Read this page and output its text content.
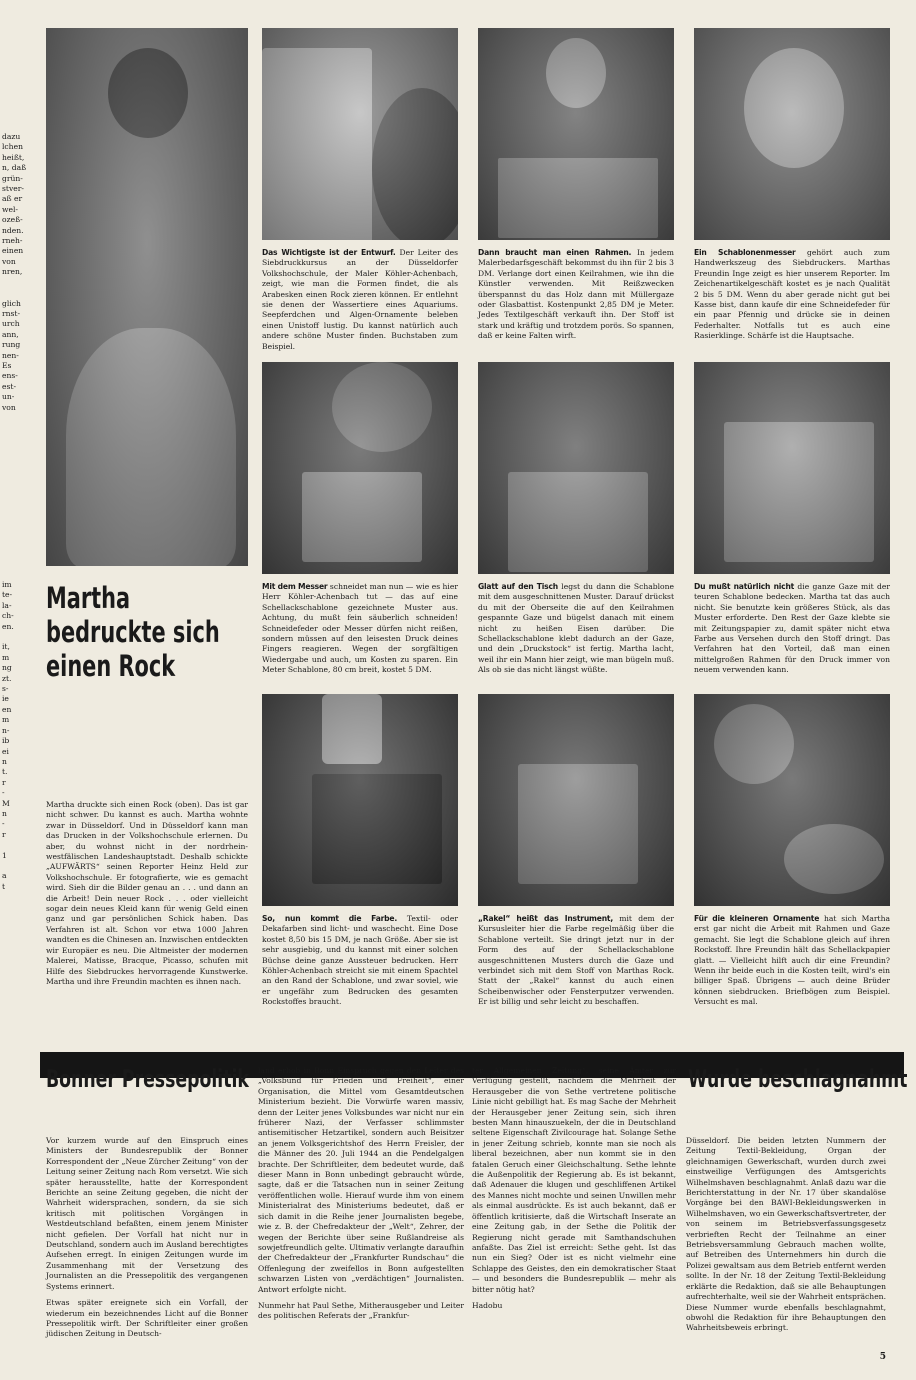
dazu
lchen
heißt,
n, daß
grün-
stver-
aß er
wel-
ozeß-
nden.
rneh-
einen
von
nren,

glich
rnst-
urch
ann,
rung
nen-
Es
ens-
est-
un-
von
im
te-
la-
ch-
en.

it,
m
ng
zt.
s-
ie
en
m
n-
ib
ei
n
t.
r
-
M
n
-
r

1

a
t
Das Wichtigste ist der Entwurf. Der Leiter des Siebdruckkursus an der Düsseldorfer Volkshochschule, der Maler Köhler-Achenbach, zeigt, wie man die Formen findet, die als Arabesken einen Rock zieren können. Er entlehnt sie denen der Wassertiere eines Aquariums. Seepferdchen und Algen-Ornamente beleben einen Unistoff lustig. Du kannst natürlich auch andere schöne Muster finden. Buchstaben zum Beispiel.
Dann braucht man einen Rahmen. In jedem Malerbedarfsgeschäft bekommst du ihn für 2 bis 3 DM. Verlange dort einen Keilrahmen, wie ihn die Künstler verwenden. Mit Reißzwecken überspannst du das Holz dann mit Müllergaze oder Glasbattist. Kostenpunkt 2,85 DM je Meter. Jedes Textilgeschäft verkauft ihn. Der Stoff ist stark und kräftig und trotzdem porös. So spannen, daß er keine Falten wirft.
Ein Schablonenmesser gehört auch zum Handwerkszeug des Siebdruckers. Marthas Freundin Inge zeigt es hier unserem Reporter. Im Zeichenartikelgeschäft kostet es je nach Qualität 2 bis 5 DM. Wenn du aber gerade nicht gut bei Kasse bist, dann kaufe dir eine Schneidefeder für ein paar Pfennig und drücke sie in deinen Federhalter. Notfalls tut es auch eine Rasierklinge. Schärfe ist die Hauptsache.
Martha
bedruckte sich
einen Rock
Mit dem Messer schneidet man nun — wie es hier Herr Köhler-Achenbach tut — das auf eine Schellackschablone gezeichnete Muster aus. Achtung, du mußt fein säuberlich schneiden! Schneidefeder oder Messer dürfen nicht reißen, sondern müssen auf den leisesten Druck deines Fingers reagieren. Wegen der sorgfältigen Wiedergabe und auch, um Kosten zu sparen. Ein Meter Schablone, 80 cm breit, kostet 5 DM.
Glatt auf den Tisch legst du dann die Schablone mit dem ausgeschnittenen Muster. Darauf drückst du mit der Oberseite die auf den Keilrahmen gespannte Gaze und bügelst danach mit einem nicht zu heißen Eisen darüber. Die Schellackschablone klebt dadurch an der Gaze, und dein „Druckstock“ ist fertig. Martha lacht, weil ihr ein Mann hier zeigt, wie man bügeln muß. Als ob sie das nicht längst wüßte.
Du mußt natürlich nicht die ganze Gaze mit der teuren Schablone bedecken. Martha tat das auch nicht. Sie benutzte kein größeres Stück, als das Muster erforderte. Den Rest der Gaze klebte sie mit Zeitungspapier zu, damit später nicht etwa Farbe aus Versehen durch den Stoff dringt. Das Verfahren hat den Vorteil, daß man einen mittelgroßen Rahmen für den Druck immer von neuem verwenden kann.
Martha druckte sich einen Rock (oben). Das ist gar nicht schwer. Du kannst es auch. Martha wohnte zwar in Düsseldorf. Und in Düsseldorf kann man das Drucken in der Volkshochschule erlernen. Du aber, du wohnst nicht in der nordrhein-westfälischen Landeshauptstadt. Deshalb schickte „AUFWÄRTS“ seinen Reporter Heinz Held zur Volkshochschule. Er fotografierte, wie es gemacht wird. Sieh dir die Bilder genau an . . . und dann an die Arbeit! Dein neuer Rock . . . oder vielleicht sogar dein neues Kleid kann für wenig Geld einen ganz und gar persönlichen Schick haben. Das Verfahren ist alt. Schon vor etwa 1000 Jahren wandten es die Chinesen an. Inzwischen entdeckten wir Europäer es neu. Die Altmeister der modernen Malerei, Matisse, Bracque, Picasso, schufen mit Hilfe des Siebdruckes hervorragende Kunstwerke. Martha und ihre Freundin machten es ihnen nach.
So, nun kommt die Farbe. Textil- oder Dekafarben sind licht- und waschecht. Eine Dose kostet 8,50 bis 15 DM, je nach Größe. Aber sie ist sehr ausgiebig, und du kannst mit einer solchen Büchse deine ganze Aussteuer bedrucken. Herr Köhler-Achenbach streicht sie mit einem Spachtel an den Rand der Schablone, und zwar soviel, wie er ungefähr zum Bedrucken des gesamten Rockstoffes braucht.
„Rakel“ heißt das Instrument, mit dem der Kursusleiter hier die Farbe regelmäßig über die Schablone verteilt. Sie dringt jetzt nur in der Form des auf der Schellackschablone ausgeschnittenen Musters durch die Gaze und verbindet sich mit dem Stoff von Marthas Rock. Statt der „Rakel“ kannst du auch einen Scheibenwischer oder Fensterputzer verwenden. Er ist billig und sehr leicht zu beschaffen.
Für die kleineren Ornamente hat sich Martha erst gar nicht die Arbeit mit Rahmen und Gaze gemacht. Sie legt die Schablone gleich auf ihren Rockstoff. Ihre Freundin hält das Schellackpapier glatt. — Vielleicht hilft auch dir eine Freundin? Wenn ihr beide euch in die Kosten teilt, wird's ein billiger Spaß. Übrigens — auch deine Brüder können siebdrucken. Briefbögen zum Beispiel. Versucht es mal.
Bonner Pressepolitik

Vor kurzem wurde auf den Einspruch eines Ministers der Bundesrepublik der Bonner Korrespondent der „Neue Zürcher Zeitung“ von der Leitung seiner Zeitung nach Rom versetzt. Wie sich später herausstellte, hatte der Korrespondent Berichte an seine Zeitung gegeben, die nicht der Wahrheit widersprachen, sondern, da sie sich kritisch mit politischen Vorgängen in Westdeutschland befaßten, einem jenem Minister nicht gefielen. Der Vorfall hat nicht nur in Deutschland, sondern auch im Ausland berechtigtes Aufsehen erregt. In einigen Zeitungen wurde im Zusammenhang mit der Versetzung des Journalisten an die Pressepolitik des vergangenen Systems erinnert.

Etwas später ereignete sich ein Vorfall, der wiederum ein bezeichnendes Licht auf die Bonner Pressepolitik wirft. Der Schriftleiter einer großen jüdischen Zeitung in Deutsch-

land erhob in Bonn Einspruch gegen den Leiter des „Volksbund für Frieden und Freiheit“, einer Organisation, die Mittel vom Gesamtdeutschen Ministerium bezieht. Die Vorwürfe waren massiv, denn der Leiter jenes Volksbundes war nicht nur ein früherer Nazi, der Verfasser schlimmster antisemitischer Hetzartikel, sondern auch Beisitzer an jenem Volksgerichtshof des Herrn Freisler, der die Männer des 20. Juli 1944 an die Pendelgalgen brachte. Der Schriftleiter, dem bedeutet wurde, daß dieser Mann in Bonn unbedingt gebraucht würde, sagte, daß er die Tatsachen nun in seiner Zeitung veröffentlichen wolle. Hierauf wurde ihm von einem Ministerialrat des Ministeriums bedeutet, daß er sich damit in die Reihe jener Journalisten begebe, wie z. B. der Chefredakteur der „Welt“, Zehrer, der wegen der Berichte über seine Rußlandreise als sowjetfreundlich gelte. Ultimativ verlangte daraufhin der Chefredakteur der „Frankfurter Rundschau“ die Offenlegung der zweifellos in Bonn aufgestellten schwarzen Listen von „verdächtigen“ Journalisten. Antwort erfolgte nicht.

Nunmehr hat Paul Sethe, Mitherausgeber und Leiter des politischen Referats der „Frankfur-

ter Allgemeinen Zeitung“, seine Ämter zur Verfügung gestellt, nachdem die Mehrheit der Herausgeber die von Sethe vertretene politische Linie nicht gebilligt hat. Es mag Sache der Mehrheit der Herausgeber jener Zeitung sein, sich ihren besten Mann hinauszuekeln, der die in Deutschland seltene Eigenschaft Zivilcourage hat. Solange Sethe in jener Zeitung schrieb, konnte man sie noch als liberal bezeichnen, aber nun kommt sie in den fatalen Geruch einer Gleichschaltung. Sethe lehnte die Außenpolitik der Regierung ab. Es ist bekannt, daß Adenauer die klugen und geschliffenen Artikel des Mannes nicht mochte und seinen Unwillen mehr als einmal ausdrückte. Es ist auch bekannt, daß er öffentlich kritisierte, daß die Wirtschaft Inserate an eine Zeitung gab, in der Sethe die Politik der Regierung nicht gerade mit Samthandschuhen anfaßte. Das Ziel ist erreicht: Sethe geht. Ist das nun ein Sieg? Oder ist es nicht vielmehr eine Schlappe des Geistes, den ein demokratischer Staat — und besonders die Bundesrepublik — mehr als bitter nötig hat?

Hadobu

Wurde beschlagnahmt
Düsseldorf. Die beiden letzten Nummern der Zeitung Textil-Bekleidung, Organ der gleichnamigen Gewerkschaft, wurden durch zwei einstweilige Verfügungen des Amtsgerichts Wilhelmshaven beschlagnahmt. Anlaß dazu war die Berichterstattung in der Nr. 17 über skandalöse Vorgänge bei den BAWI-Bekleidungswerken in Wilhelmshaven, wo ein Gewerkschaftsvertreter, der von seinem im Betriebsverfassungsgesetz verbrieften Recht der Teilnahme an einer Betriebsversammlung Gebrauch machen wollte, auf Betreiben des Unternehmers hin durch die Polizei gewaltsam aus dem Betrieb entfernt werden sollte. In der Nr. 18 der Zeitung Textil-Bekleidung erklärte die Redaktion, daß sie alle Behauptungen aufrechterhalte, weil sie der Wahrheit entsprächen. Diese Nummer wurde ebenfalls beschlagnahmt, obwohl die Redaktion für ihre Behauptungen den Wahrheitsbeweis erbringt.
5
